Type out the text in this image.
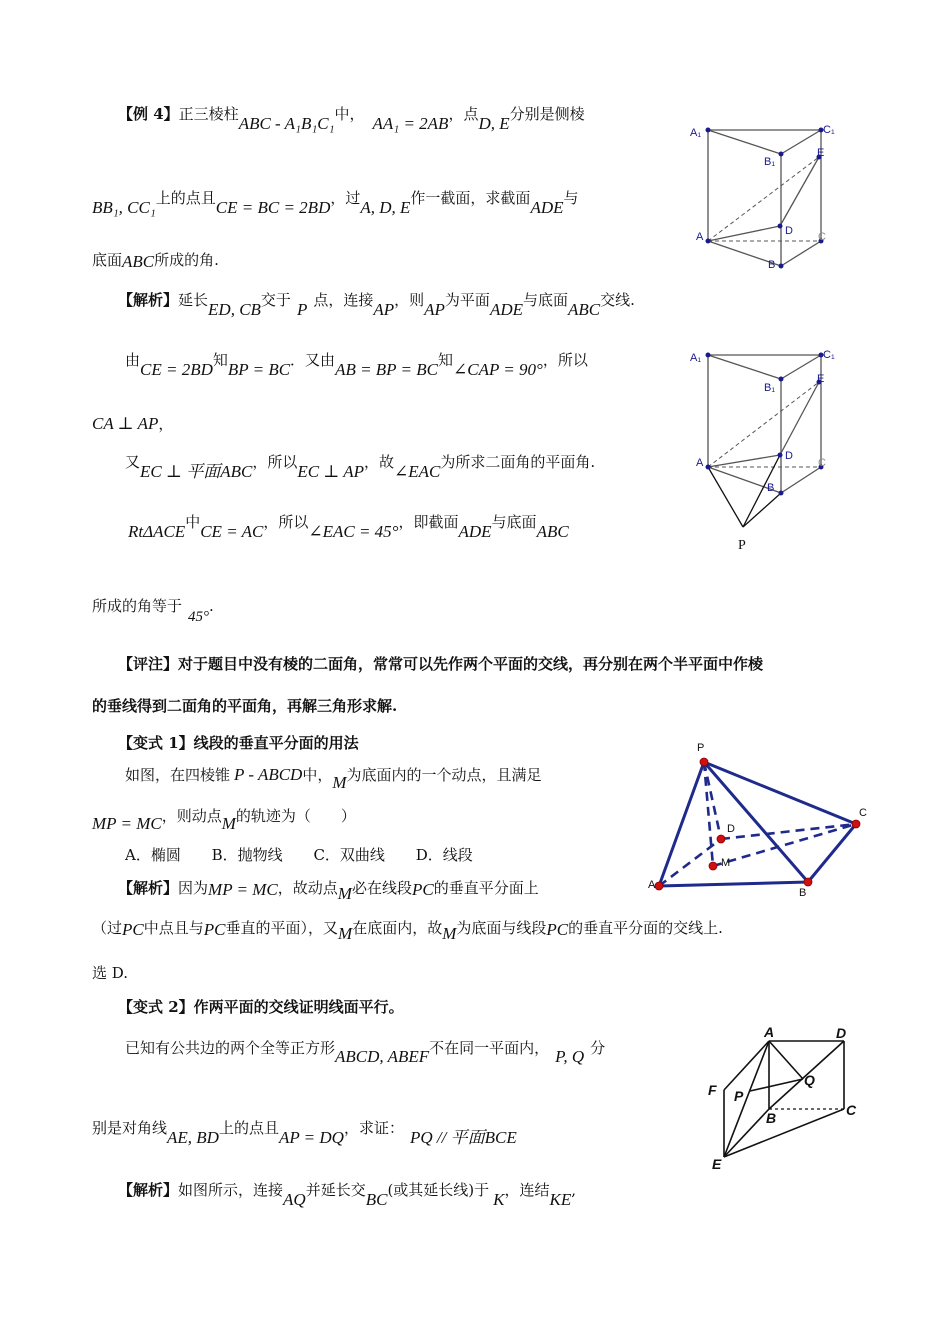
【例 4】正三棱柱ABC - A₁B₁C₁中， AA₁ = 2AB，点D, E分别是侧棱
BB₁, CC₁上的点且CE = BC = 2BD，过A, D, E作一截面，求截面ADE与
底面ABC所成的角.
A₁	C₁
B₁
E
D
A	C
B
【解析】延长ED, CB交于 P 点，连接AP，则AP为平面ADE与底面ABC交线.
由CE = 2BD知BP = BC．又由AB = BP = BC知∠CAP = 90°，所以
CA ⊥ AP，
又EC ⊥ 平面ABC，所以EC ⊥ AP，故∠EAC为所求二面角的平面角.
RtΔACE中CE = AC，所以∠EAC = 45°，即截面ADE与底面ABC
所成的角等于45°.
A₁	C₁
B₁
E
D
A	C
B
P
【评注】对于题目中没有棱的二面角，常常可以先作两个平面的交线，再分别在两个半平面中作棱
的垂线得到二面角的平面角，再解三角形求解.
【变式 1】线段的垂直平分面的用法
如图，在四棱锥 P - ABCD中，M为底面内的一个动点，且满足
MP = MC，则动点M的轨迹为（　　）
A．椭圆 B．抛物线 C．双曲线 D．线段
【解析】因为MP = MC，故动点M必在线段PC的垂直平分面上
（过PC中点且与PC垂直的平面），又M在底面内，故M为底面与线段PC的垂直平分面的交线上.
选 D.
P
A
B
C
D
M
【变式 2】作两平面的交线证明线面平行。
已知有公共边的两个全等正方形ABCD, ABEF不在同一平面内， P, Q 分
别是对角线AE, BD上的点且AP = DQ，求证： PQ // 平面BCE
【解析】如图所示，连接AQ并延长交BC(或其延长线)于 K，连结KE,
A	D
F P
Q
B	C
E
